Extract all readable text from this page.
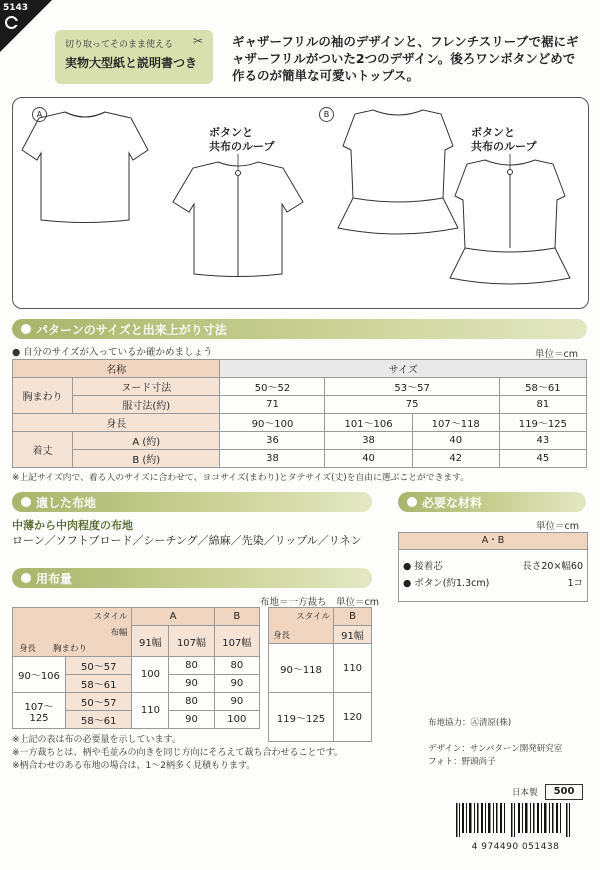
5143
切り取ってそのまま使える ✂
実物大型紙と説明書つき
ギャザーフリルの袖のデザインと、フレンチスリーブで裾にギャザーフリルがついた2つのデザイン。後ろワンボタンどめで作るのが簡単な可愛いトップス。
A	B
ボタンと
共布のループ
ボタンと
共布のループ
パターンのサイズと出来上がり寸法
● 自分のサイズが入っているか確かめましょう	単位＝cm
名称		サイズ			
胸まわり	ヌード寸法	50～52	53～57		58～61
	服寸法(約)	71	75		81
身長		90～100	101～106	107～118	119～125
着丈	A (約)	36	38	40	43
	B (約)	38	40	42	45
※上記サイズ内で、着る人のサイズに合わせて、ヨコサイズ(まわり)とタテサイズ(丈)を自由に選ぶことができます。
適した布地
中薄から中肉程度の布地
ローン／ソフトブロード／シーチング／綿麻／先染／リップル／リネン
必要な材料
単位＝cm
A・B
● 接着芯	長さ20×幅60
● ボタン(約1.3cm)	1コ
用布量
布地＝一方裁ち　単位＝cm
スタイル
布幅
身長 胸まわり		A		B
		91幅	107幅	107幅

90～106	50～57	100	80	80
	58～61		90	90
107～125	50～57	110	80	90
	58～61		90	100
スタイル
身長	B
	91幅
90～118	110
119～125	120
※上記の表は布の必要量を示しています。
※一方裁ちとは、柄や毛並みの向きを同じ方向にそろえて裁ち合わせることです。
※柄合わせのある布地の場合は、1～2柄多く見積もります。
布地協力：Ⓐ清原(株)
デザイン：サンパターン開発研究室
フォト：野頭尚子
日本製	500
4 974490 051438
